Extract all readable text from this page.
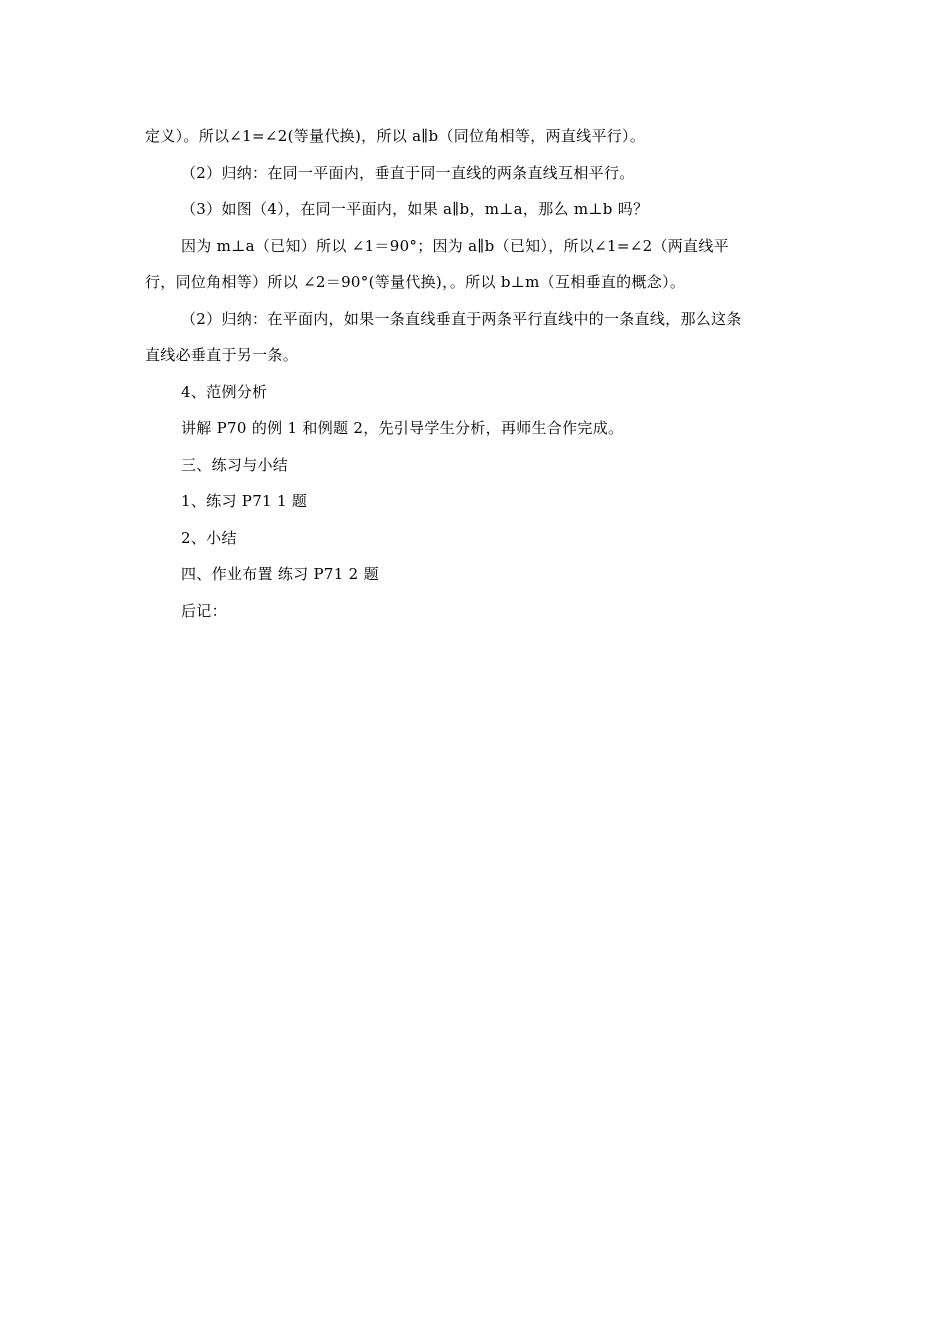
定义）。所以∠1=∠2(等量代换)，所以 a∥b（同位角相等，两直线平行）。
（2）归纳：在同一平面内，垂直于同一直线的两条直线互相平行。
（3）如图（4），在同一平面内，如果 a∥b，m⊥a，那么 m⊥b 吗？
因为 m⊥a（已知）所以 ∠1＝90°；因为 a∥b（已知），所以∠1=∠2（两直线平
行，同位角相等）所以 ∠2＝90°(等量代换)，。所以 b⊥m（互相垂直的概念）。
（2）归纳：在平面内，如果一条直线垂直于两条平行直线中的一条直线，那么这条
直线必垂直于另一条。
4、范例分析
讲解 P70 的例 1 和例题 2，先引导学生分析，再师生合作完成。
三、练习与小结
1、练习 P71 1 题
2、小结
四、作业布置 练习 P71 2 题
后记：
